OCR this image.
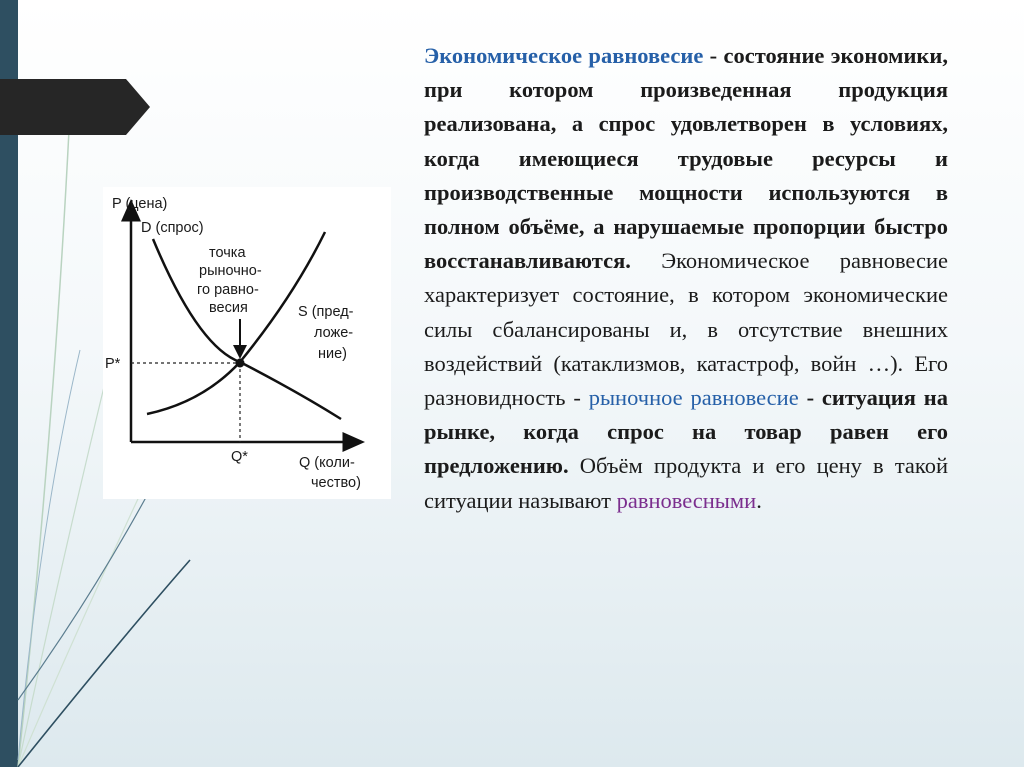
P (цена)
D (спрос)
точка
рыночно-
го равно-
весия	S (пред-
ложе-
ние)
P*
Q*	Q (коли-
чество)
Экономическое равновесие - состояние экономики, при котором произведенная продукция реализована, а спрос удовлетворен в условиях, когда имеющиеся трудовые ресурсы и производственные мощности используются в полном объёме, а нарушаемые пропорции быстро восстанавливаются. Экономическое равновесие характеризует состояние, в котором экономические силы сбалансированы и, в отсутствие внешних воздействий (катаклизмов, катастроф, войн …). Его разновидность - рыночное равновесие - ситуация на рынке, когда спрос на товар равен его предложению. Объём продукта и его цену в такой ситуации называют равновесными.
